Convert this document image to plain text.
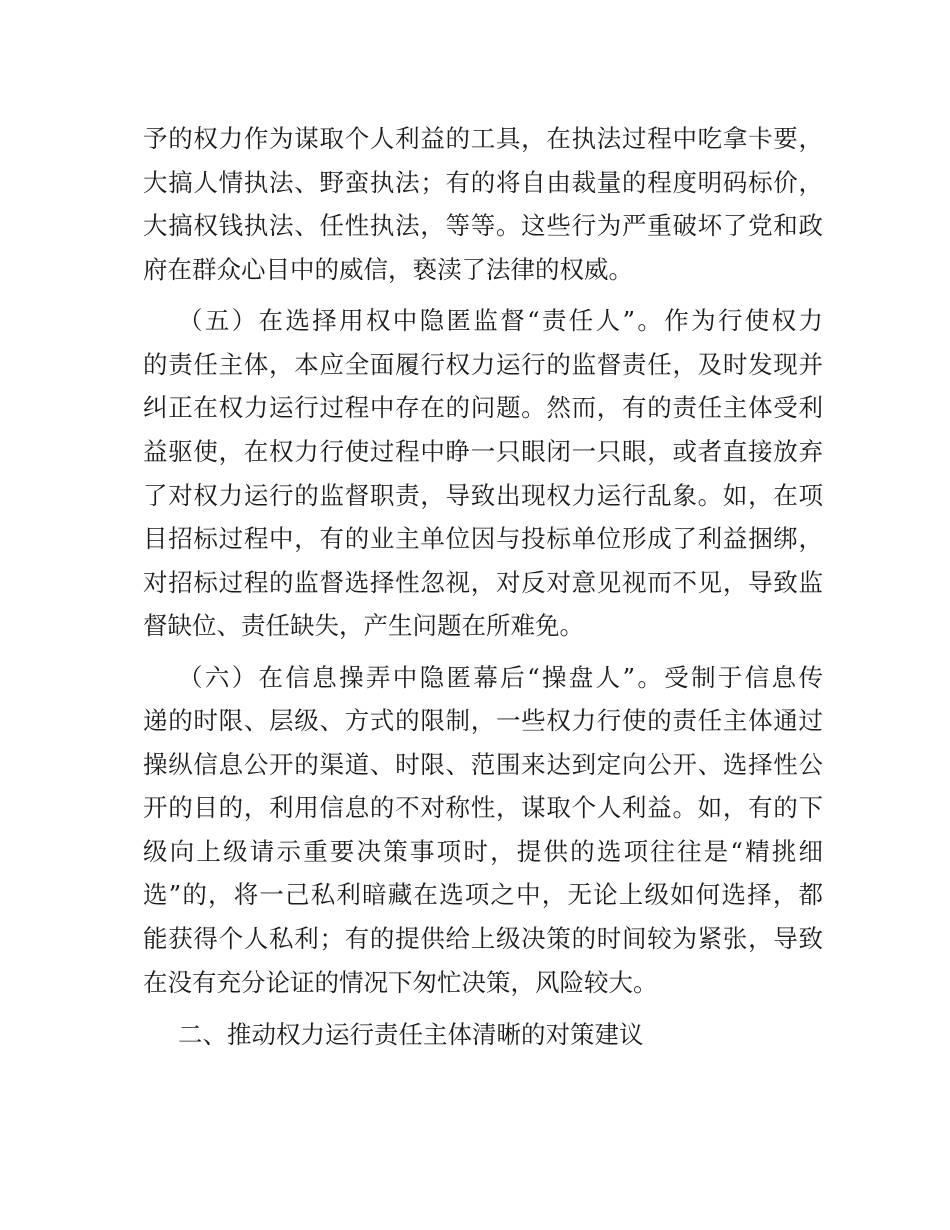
予的权力作为谋取个人利益的工具，在执法过程中吃拿卡要，
大搞人情执法、野蛮执法；有的将自由裁量的程度明码标价，
大搞权钱执法、任性执法，等等。这些行为严重破坏了党和政
府在群众心目中的威信，亵渎了法律的权威。
（五）在选择用权中隐匿监督“责任人”。作为行使权力
的责任主体，本应全面履行权力运行的监督责任，及时发现并
纠正在权力运行过程中存在的问题。然而，有的责任主体受利
益驱使，在权力行使过程中睁一只眼闭一只眼，或者直接放弃
了对权力运行的监督职责，导致出现权力运行乱象。如，在项
目招标过程中，有的业主单位因与投标单位形成了利益捆绑，
对招标过程的监督选择性忽视，对反对意见视而不见，导致监
督缺位、责任缺失，产生问题在所难免。
（六）在信息操弄中隐匿幕后“操盘人”。受制于信息传
递的时限、层级、方式的限制，一些权力行使的责任主体通过
操纵信息公开的渠道、时限、范围来达到定向公开、选择性公
开的目的，利用信息的不对称性，谋取个人利益。如，有的下
级向上级请示重要决策事项时，提供的选项往往是“精挑细
选”的，将一己私利暗藏在选项之中，无论上级如何选择，都
能获得个人私利；有的提供给上级决策的时间较为紧张，导致
在没有充分论证的情况下匆忙决策，风险较大。
二、推动权力运行责任主体清晰的对策建议
